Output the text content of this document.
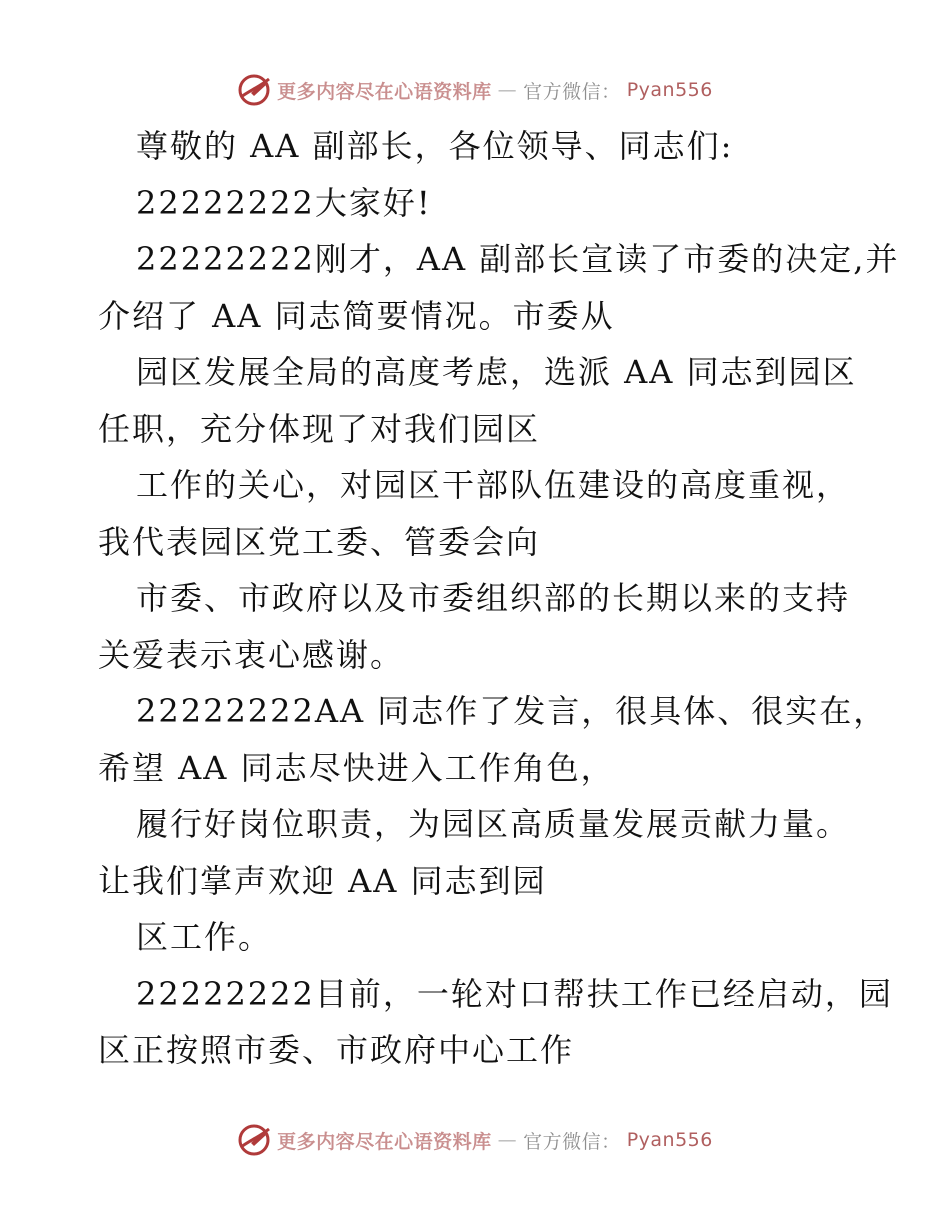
更多内容尽在心语资料库 — 官方微信： Pyan556
尊敬的 AA 副部长，各位领导、同志们:
22222222大家好!
22222222刚才，AA 副部长宣读了市委的决定,并
介绍了 AA 同志简要情况。市委从
园区发展全局的高度考虑，选派 AA 同志到园区
任职，充分体现了对我们园区
工作的关心，对园区干部队伍建设的高度重视，
我代表园区党工委、管委会向
市委、市政府以及市委组织部的长期以来的支持
关爱表示衷心感谢。
22222222AA 同志作了发言，很具体、很实在，
希望 AA 同志尽快进入工作角色，
履行好岗位职责，为园区高质量发展贡献力量。
让我们掌声欢迎 AA 同志到园
区工作。
22222222目前，一轮对口帮扶工作已经启动，园
区正按照市委、市政府中心工作
更多内容尽在心语资料库 — 官方微信： Pyan556
